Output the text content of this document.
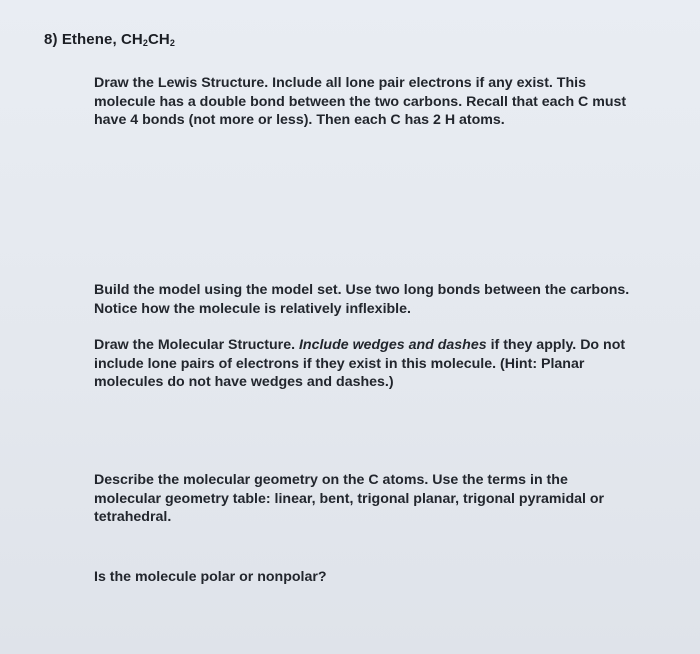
8) Ethene, $CH_2CH_2$
Draw the Lewis Structure. Include all lone pair electrons if any exist. This
molecule has a double bond between the two carbons. Recall that each C must
have 4 bonds (not more or less). Then each C has 2 H atoms.
Build the model using the model set. Use two long bonds between the carbons.
Notice how the molecule is relatively inflexible.
Draw the Molecular Structure. Include wedges and dashes if they apply. Do not
include lone pairs of electrons if they exist in this molecule. (Hint: Planar
molecules do not have wedges and dashes.)
Describe the molecular geometry on the C atoms. Use the terms in the
molecular geometry table: linear, bent, trigonal planar, trigonal pyramidal or
tetrahedral.
Is the molecule polar or nonpolar?
